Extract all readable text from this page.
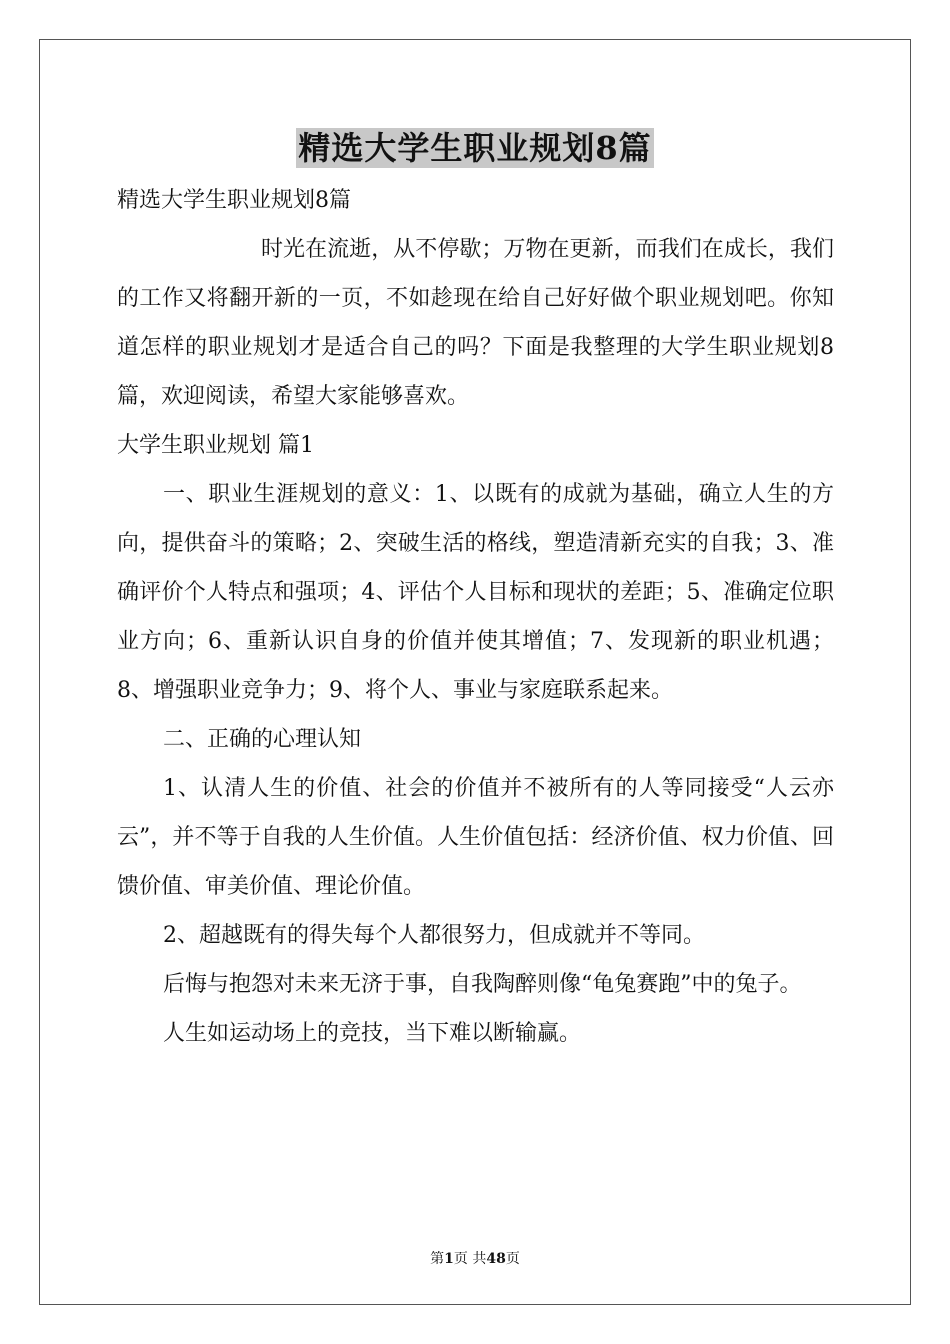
精选大学生职业规划8篇

精选大学生职业规划8篇

时光在流逝，从不停歇；万物在更新，而我们在成长，我们的工作又将翻开新的一页，不如趁现在给自己好好做个职业规划吧。你知道怎样的职业规划才是适合自己的吗？下面是我整理的大学生职业规划8篇，欢迎阅读，希望大家能够喜欢。

大学生职业规划 篇1

一、职业生涯规划的意义：1、以既有的成就为基础，确立人生的方向，提供奋斗的策略；2、突破生活的格线，塑造清新充实的自我；3、准确评价个人特点和强项；4、评估个人目标和现状的差距；5、准确定位职业方向；6、重新认识自身的价值并使其增值；7、发现新的职业机遇；8、增强职业竞争力；9、将个人、事业与家庭联系起来。

二、正确的心理认知

1、认清人生的价值、社会的价值并不被所有的人等同接受“人云亦云”，并不等于自我的人生价值。人生价值包括：经济价值、权力价值、回馈价值、审美价值、理论价值。

2、超越既有的得失每个人都很努力，但成就并不等同。

后悔与抱怨对未来无济于事，自我陶醉则像“龟兔赛跑”中的兔子。

人生如运动场上的竞技，当下难以断输赢。

第1页 共48页
